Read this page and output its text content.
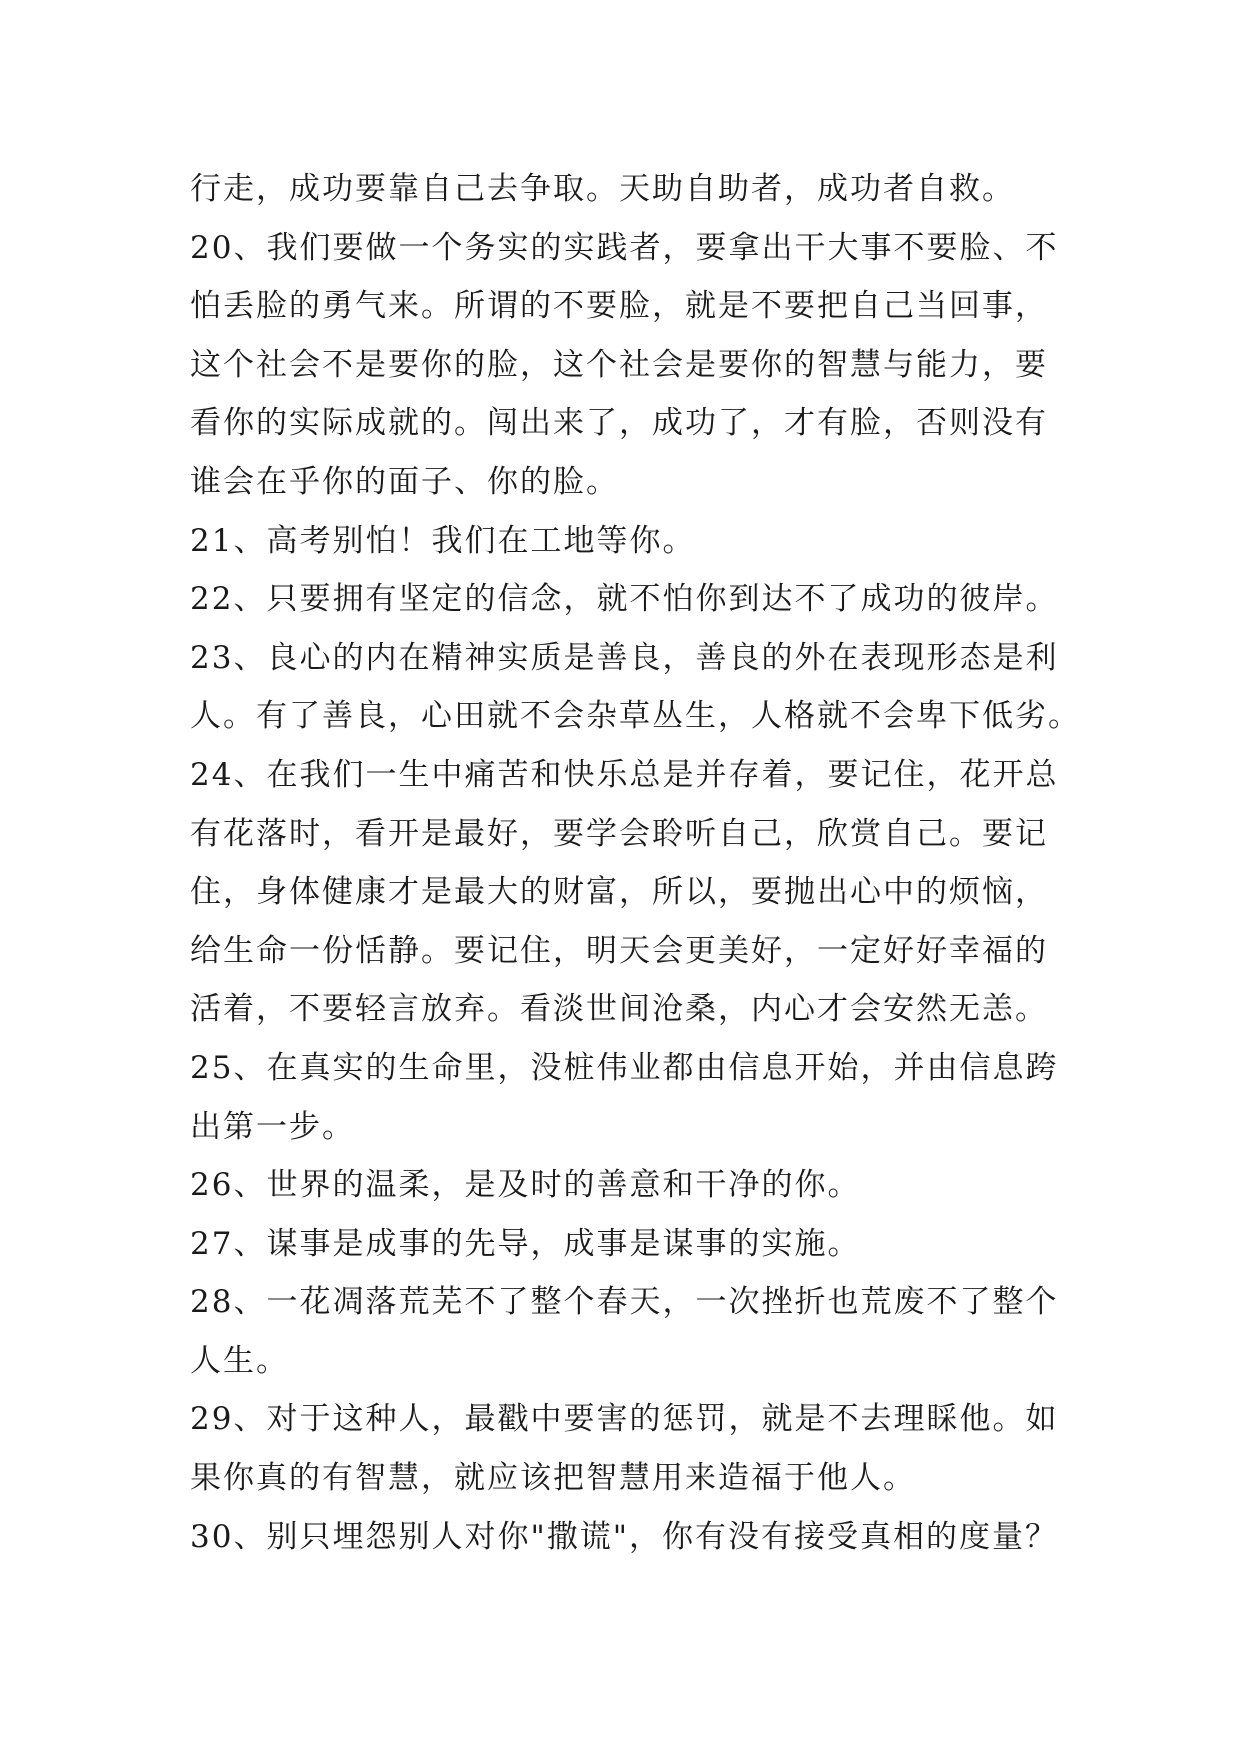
行走，成功要靠自己去争取。天助自助者，成功者自救。
20、我们要做一个务实的实践者，要拿出干大事不要脸、不
怕丢脸的勇气来。所谓的不要脸，就是不要把自己当回事，
这个社会不是要你的脸，这个社会是要你的智慧与能力，要
看你的实际成就的。闯出来了，成功了，才有脸，否则没有
谁会在乎你的面子、你的脸。
21、高考别怕！我们在工地等你。
22、只要拥有坚定的信念，就不怕你到达不了成功的彼岸。
23、良心的内在精神实质是善良，善良的外在表现形态是利
人。有了善良，心田就不会杂草丛生，人格就不会卑下低劣。
24、在我们一生中痛苦和快乐总是并存着，要记住，花开总
有花落时，看开是最好，要学会聆听自己，欣赏自己。要记
住，身体健康才是最大的财富，所以，要抛出心中的烦恼，
给生命一份恬静。要记住，明天会更美好，一定好好幸福的
活着，不要轻言放弃。看淡世间沧桑，内心才会安然无恙。
25、在真实的生命里，没桩伟业都由信息开始，并由信息跨
出第一步。
26、世界的温柔，是及时的善意和干净的你。
27、谋事是成事的先导，成事是谋事的实施。
28、一花凋落荒芜不了整个春天，一次挫折也荒废不了整个
人生。
29、对于这种人，最戳中要害的惩罚，就是不去理睬他。如
果你真的有智慧，就应该把智慧用来造福于他人。
30、别只埋怨别人对你"撒谎"，你有没有接受真相的度量？
